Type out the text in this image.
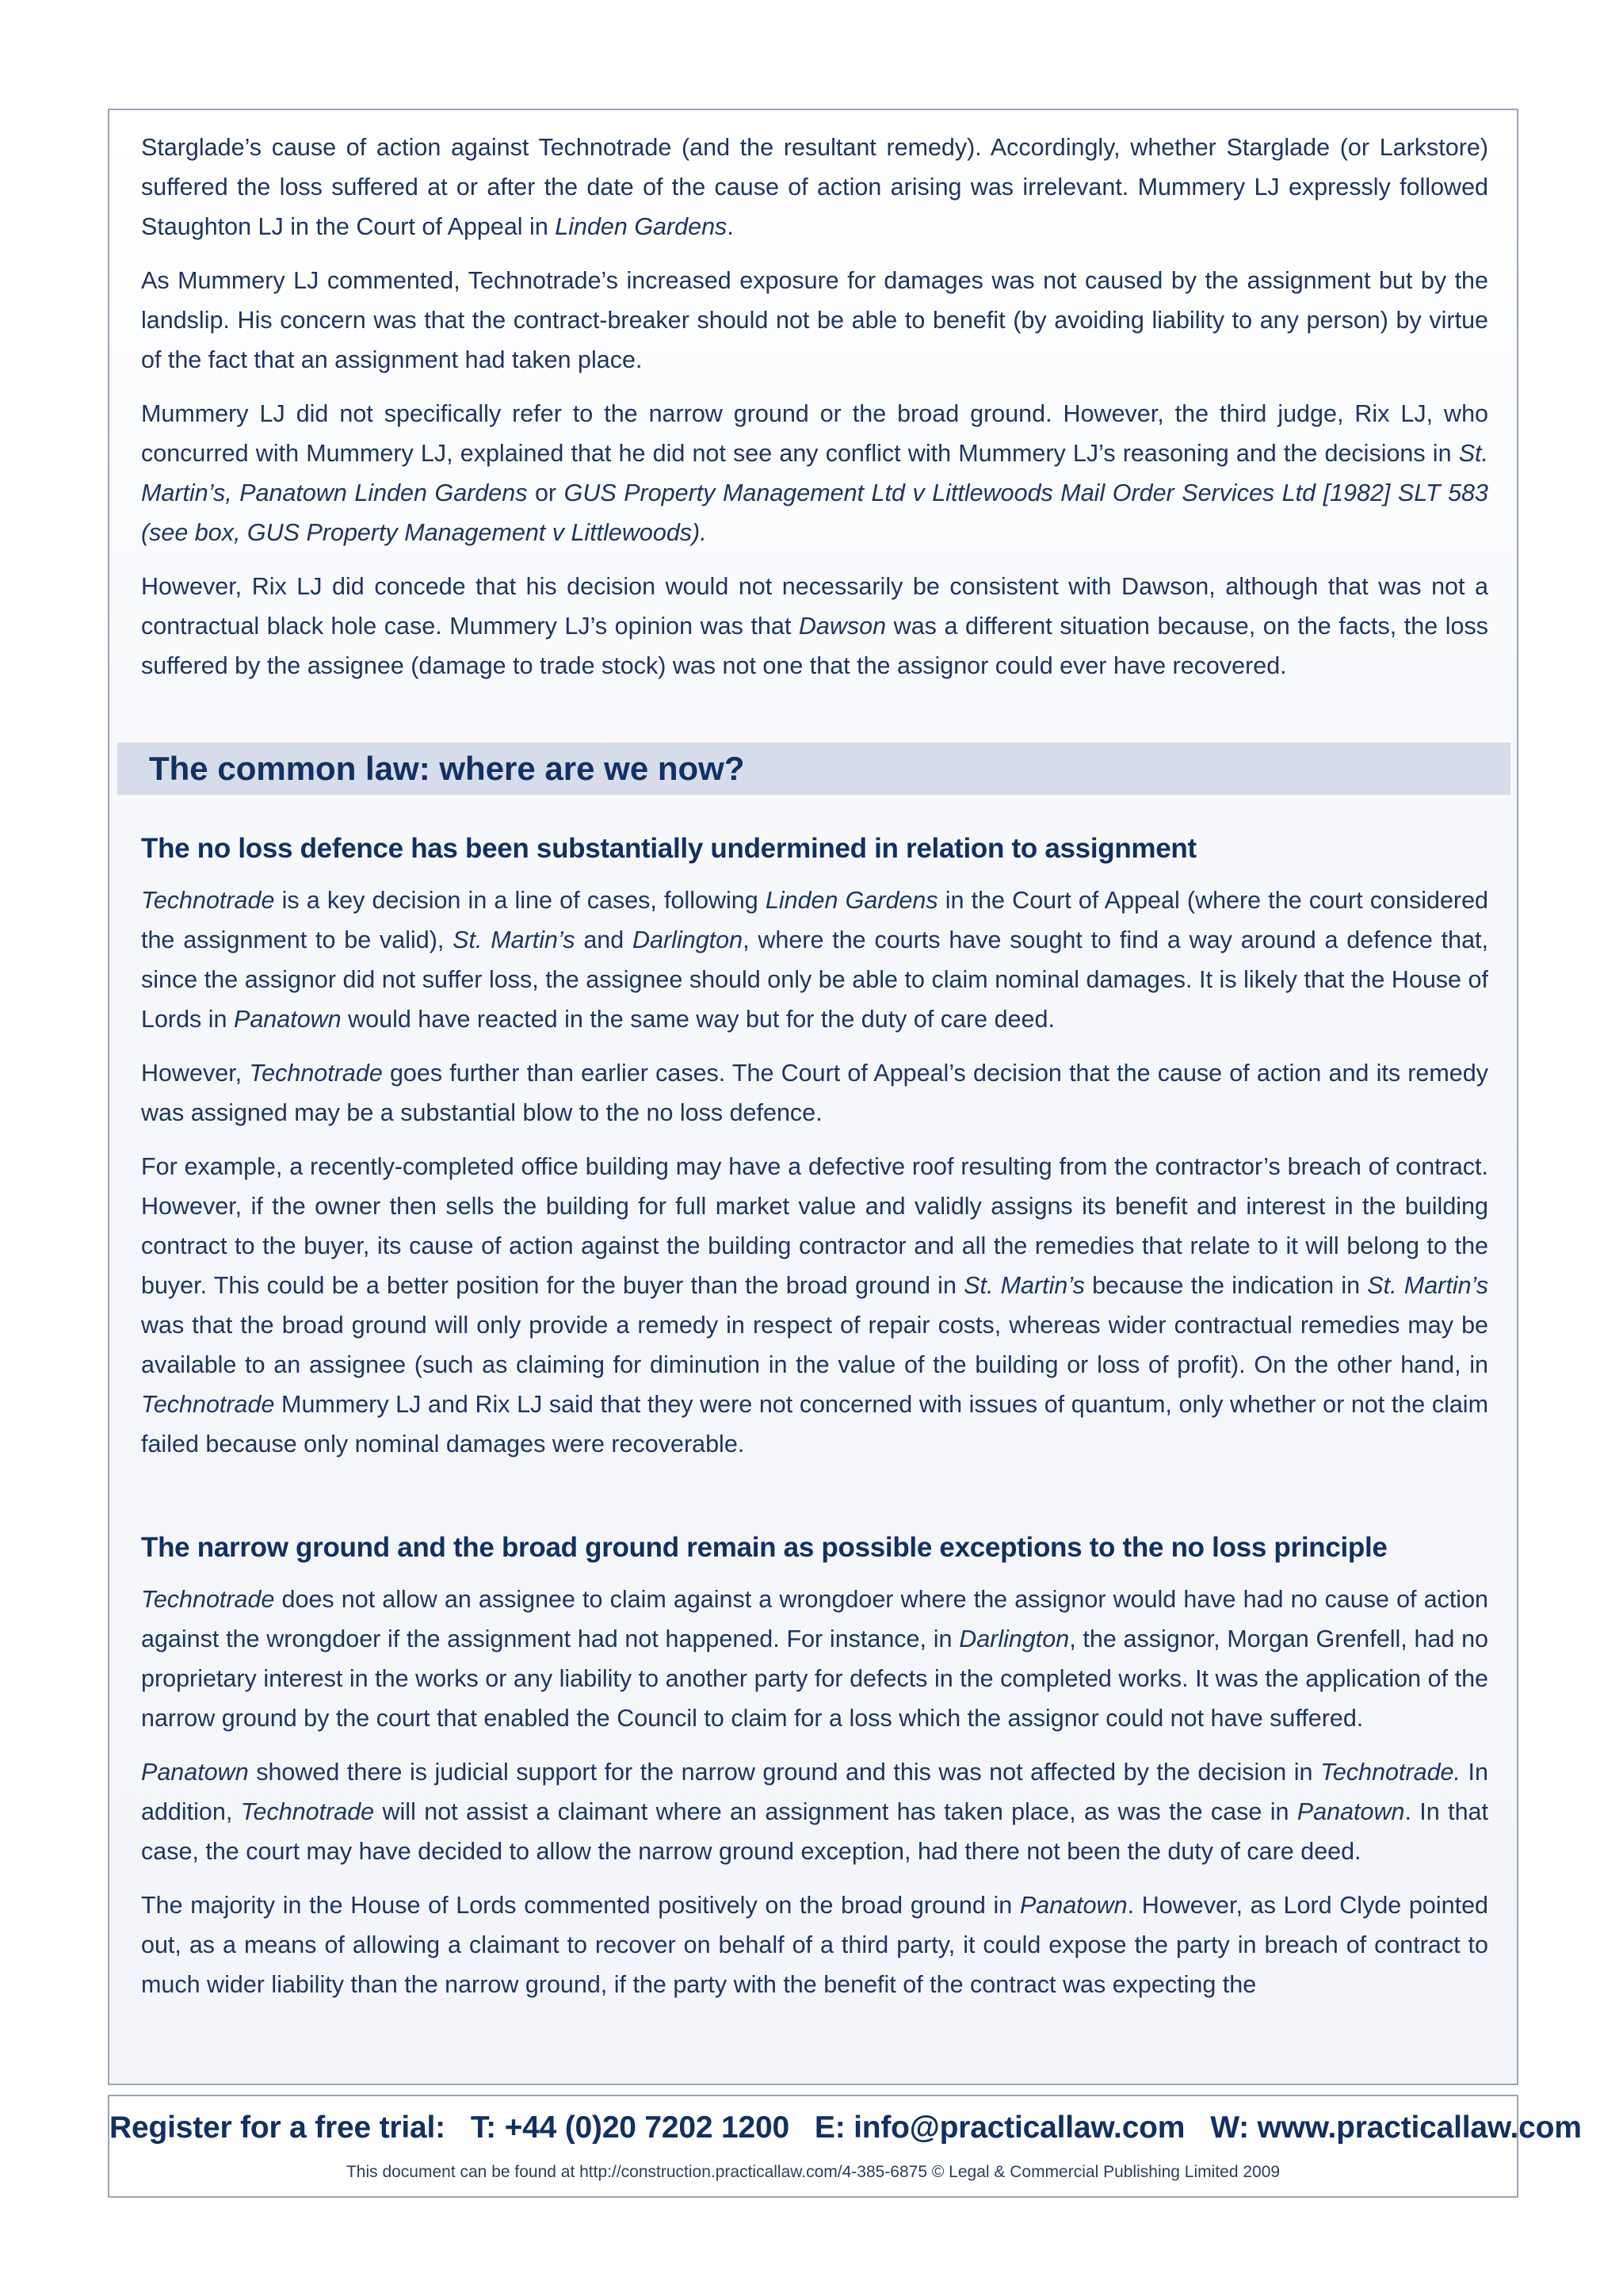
Starglade’s cause of action against Technotrade (and the resultant remedy). Accordingly, whether Starglade (or Larkstore) suffered the loss suffered at or after the date of the cause of action arising was irrelevant. Mummery LJ expressly followed Staughton LJ in the Court of Appeal in Linden Gardens.

As Mummery LJ commented, Technotrade’s increased exposure for damages was not caused by the assignment but by the landslip. His concern was that the contract-breaker should not be able to benefit (by avoiding liability to any person) by virtue of the fact that an assignment had taken place.

Mummery LJ did not specifically refer to the narrow ground or the broad ground. However, the third judge, Rix LJ, who concurred with Mummery LJ, explained that he did not see any conflict with Mummery LJ’s reasoning and the decisions in St. Martin’s, Panatown Linden Gardens or GUS Property Management Ltd v Littlewoods Mail Order Services Ltd [1982] SLT 583 (see box, GUS Property Management v Littlewoods).

However, Rix LJ did concede that his decision would not necessarily be consistent with Dawson, although that was not a contractual black hole case. Mummery LJ’s opinion was that Dawson was a different situation because, on the facts, the loss suffered by the assignee (damage to trade stock) was not one that the assignor could ever have recovered.

The common law: where are we now?
The no loss defence has been substantially undermined in relation to assignment

Technotrade is a key decision in a line of cases, following Linden Gardens in the Court of Appeal (where the court considered the assignment to be valid), St. Martin’s and Darlington, where the courts have sought to find a way around a defence that, since the assignor did not suffer loss, the assignee should only be able to claim nominal damages. It is likely that the House of Lords in Panatown would have reacted in the same way but for the duty of care deed.

However, Technotrade goes further than earlier cases. The Court of Appeal’s decision that the cause of action and its remedy was assigned may be a substantial blow to the no loss defence.

For example, a recently-completed office building may have a defective roof resulting from the contractor’s breach of contract. However, if the owner then sells the building for full market value and validly assigns its benefit and interest in the building contract to the buyer, its cause of action against the building contractor and all the remedies that relate to it will belong to the buyer. This could be a better position for the buyer than the broad ground in St. Martin’s because the indication in St. Martin’s was that the broad ground will only provide a remedy in respect of repair costs, whereas wider contractual remedies may be available to an assignee (such as claiming for diminution in the value of the building or loss of profit). On the other hand, in Technotrade Mummery LJ and Rix LJ said that they were not concerned with issues of quantum, only whether or not the claim failed because only nominal damages were recoverable.

The narrow ground and the broad ground remain as possible exceptions to the no loss principle

Technotrade does not allow an assignee to claim against a wrongdoer where the assignor would have had no cause of action against the wrongdoer if the assignment had not happened. For instance, in Darlington, the assignor, Morgan Grenfell, had no proprietary interest in the works or any liability to another party for defects in the completed works. It was the application of the narrow ground by the court that enabled the Council to claim for a loss which the assignor could not have suffered.

Panatown showed there is judicial support for the narrow ground and this was not affected by the decision in Technotrade. In addition, Technotrade will not assist a claimant where an assignment has taken place, as was the case in Panatown. In that case, the court may have decided to allow the narrow ground exception, had there not been the duty of care deed.

The majority in the House of Lords commented positively on the broad ground in Panatown. However, as Lord Clyde pointed out, as a means of allowing a claimant to recover on behalf of a third party, it could expose the party in breach of contract to much wider liability than the narrow ground, if the party with the benefit of the contract was expecting the

Register for a free trial:   T: +44 (0)20 7202 1200   E: info@practicallaw.com   W: www.practicallaw.com
This document can be found at http://construction.practicallaw.com/4-385-6875 © Legal & Commercial Publishing Limited 2009
